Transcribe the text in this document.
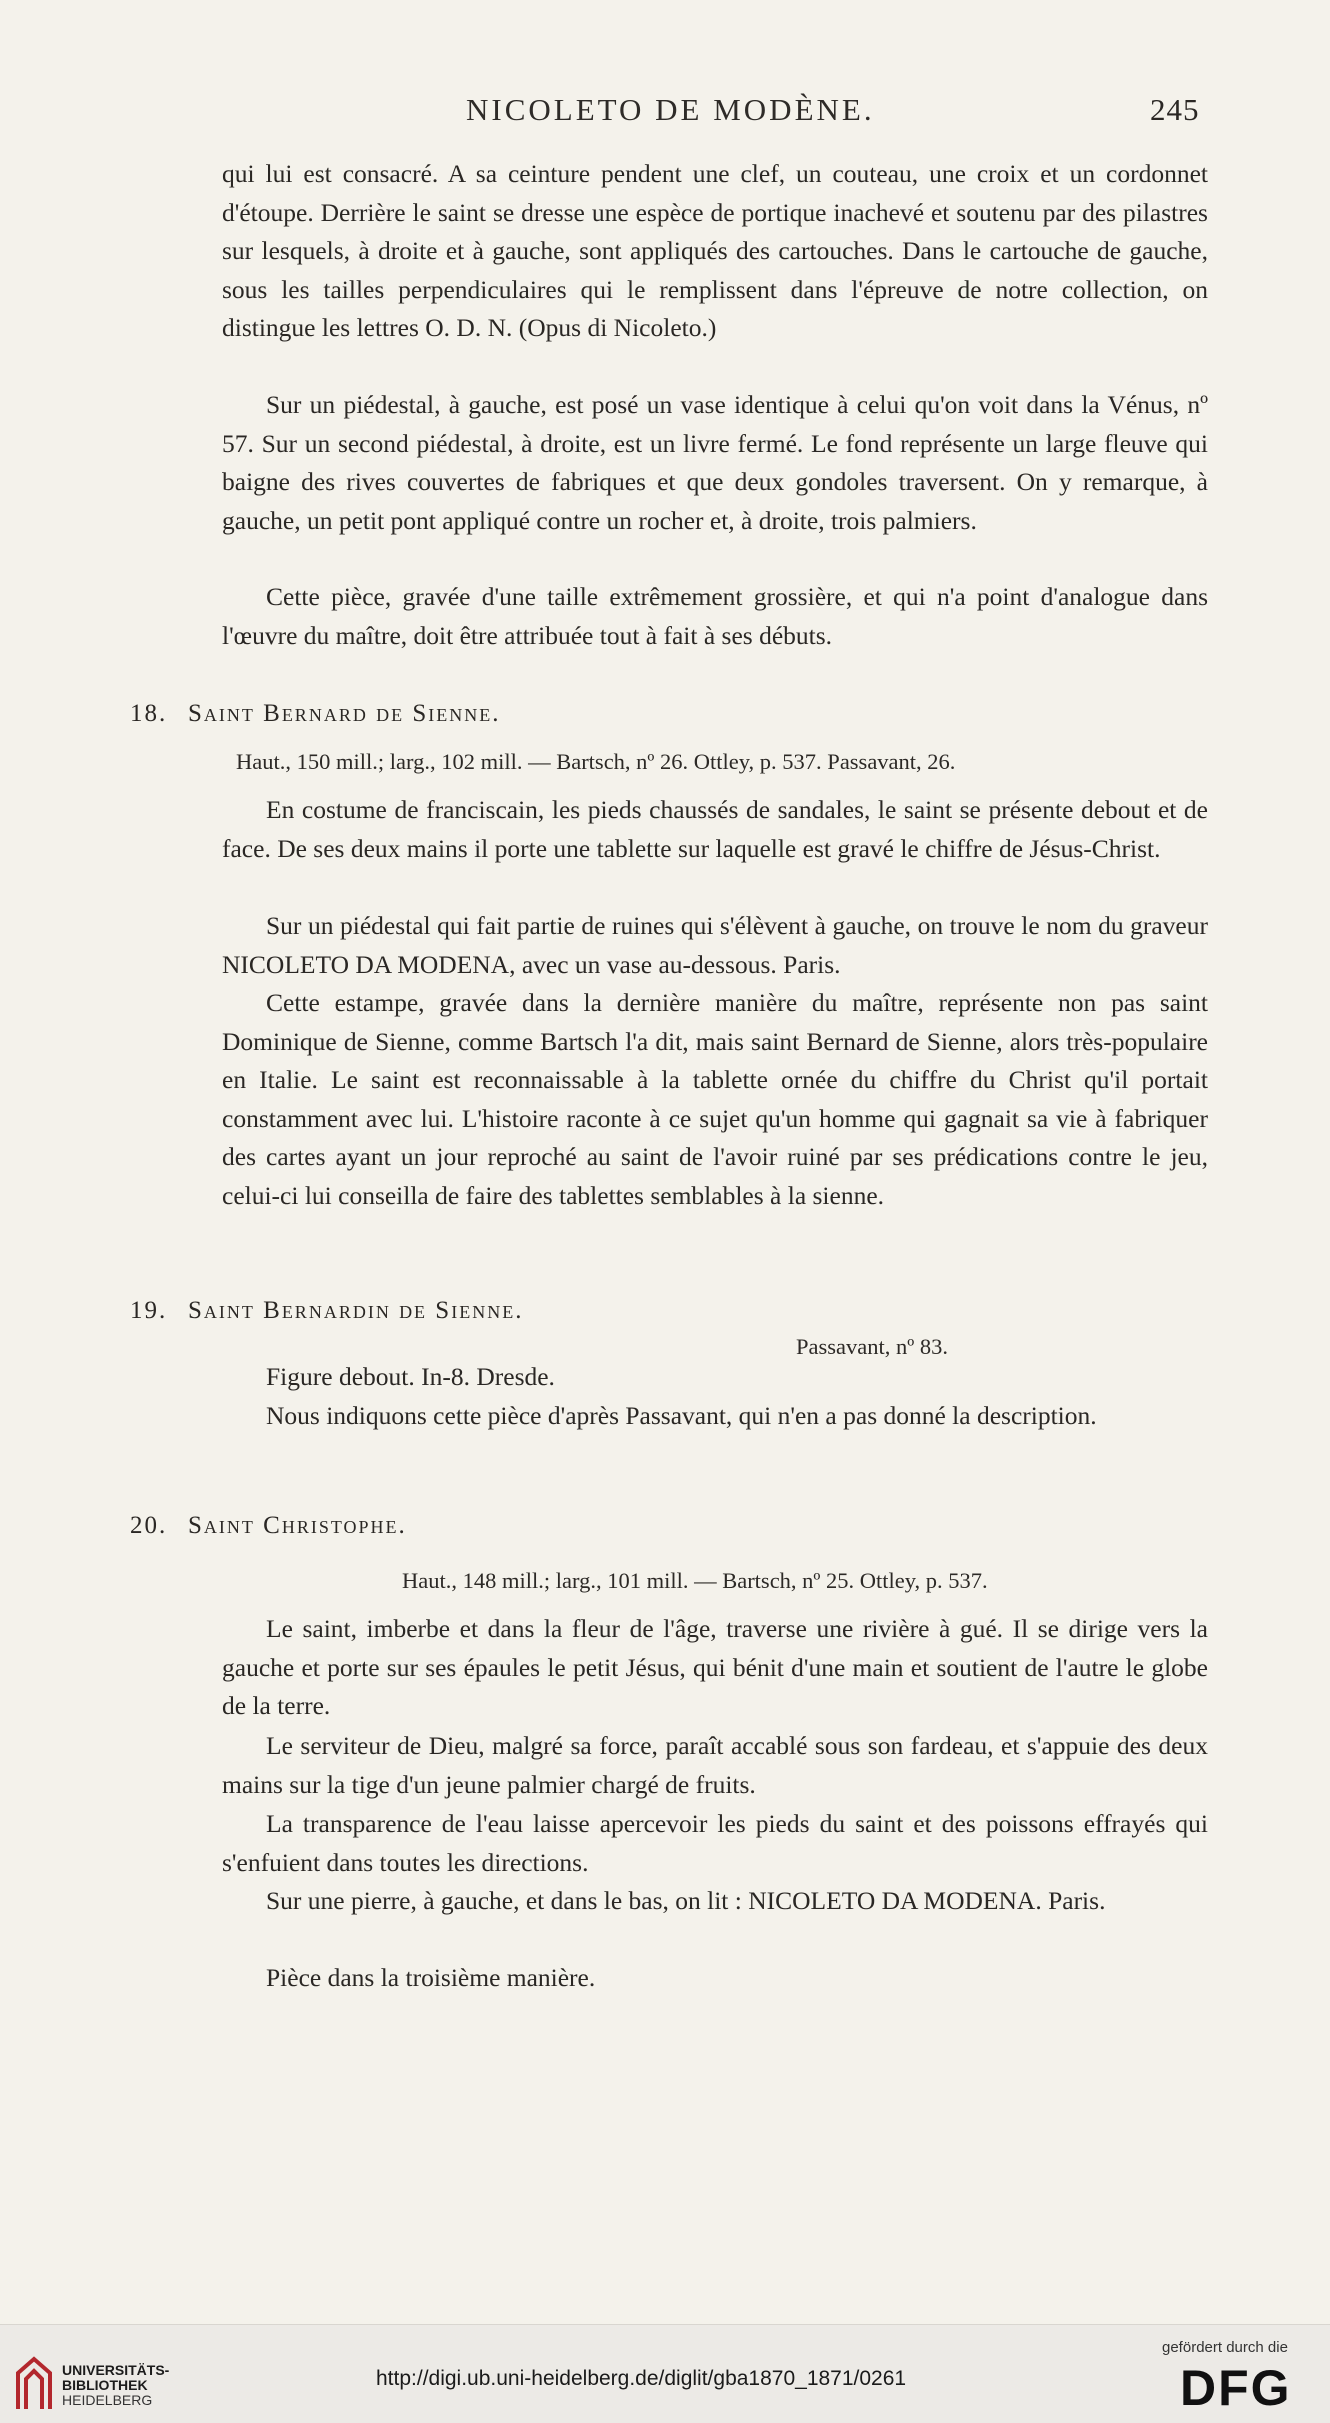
NICOLETO DE MODÈNE.	245

qui lui est consacré. A sa ceinture pendent une clef, un couteau, une croix et un cordonnet d'étoupe. Derrière le saint se dresse une espèce de portique inachevé et soutenu par des pilastres sur lesquels, à droite et à gauche, sont appliqués des cartouches. Dans le cartouche de gauche, sous les tailles perpendiculaires qui le remplissent dans l'épreuve de notre collection, on distingue les lettres O. D. N. (Opus di Nicoleto.)

Sur un piédestal, à gauche, est posé un vase identique à celui qu'on voit dans la Vénus, nº 57. Sur un second piédestal, à droite, est un livre fermé. Le fond représente un large fleuve qui baigne des rives couvertes de fabriques et que deux gondoles traversent. On y remarque, à gauche, un petit pont appliqué contre un rocher et, à droite, trois palmiers.

Cette pièce, gravée d'une taille extrêmement grossière, et qui n'a point d'analogue dans l'œuvre du maître, doit être attribuée tout à fait à ses débuts.

18. Saint Bernard de Sienne.

Haut., 150 mill.; larg., 102 mill. — Bartsch, nº 26. Ottley, p. 537. Passavant, 26.

En costume de franciscain, les pieds chaussés de sandales, le saint se présente debout et de face. De ses deux mains il porte une tablette sur laquelle est gravé le chiffre de Jésus-Christ.

Sur un piédestal qui fait partie de ruines qui s'élèvent à gauche, on trouve le nom du graveur NICOLETO DA MODENA, avec un vase au-dessous. Paris.

Cette estampe, gravée dans la dernière manière du maître, représente non pas saint Dominique de Sienne, comme Bartsch l'a dit, mais saint Bernard de Sienne, alors très-populaire en Italie. Le saint est reconnaissable à la tablette ornée du chiffre du Christ qu'il portait constamment avec lui. L'histoire raconte à ce sujet qu'un homme qui gagnait sa vie à fabriquer des cartes ayant un jour reproché au saint de l'avoir ruiné par ses prédications contre le jeu, celui-ci lui conseilla de faire des tablettes semblables à la sienne.

19. Saint Bernardin de Sienne.

Passavant, nº 83.

Figure debout. In-8. Dresde.

Nous indiquons cette pièce d'après Passavant, qui n'en a pas donné la description.

20. Saint Christophe.

Haut., 148 mill.; larg., 101 mill. — Bartsch, nº 25. Ottley, p. 537.

Le saint, imberbe et dans la fleur de l'âge, traverse une rivière à gué. Il se dirige vers la gauche et porte sur ses épaules le petit Jésus, qui bénit d'une main et soutient de l'autre le globe de la terre.

Le serviteur de Dieu, malgré sa force, paraît accablé sous son fardeau, et s'appuie des deux mains sur la tige d'un jeune palmier chargé de fruits.

La transparence de l'eau laisse apercevoir les pieds du saint et des poissons effrayés qui s'enfuient dans toutes les directions.

Sur une pierre, à gauche, et dans le bas, on lit : NICOLETO DA MODENA. Paris.

Pièce dans la troisième manière.

UNIVERSITÄTS-
BIBLIOTHEK
HEIDELBERG
http://digi.ub.uni-heidelberg.de/diglit/gba1870_1871/0261
gefördert durch die
DFG
